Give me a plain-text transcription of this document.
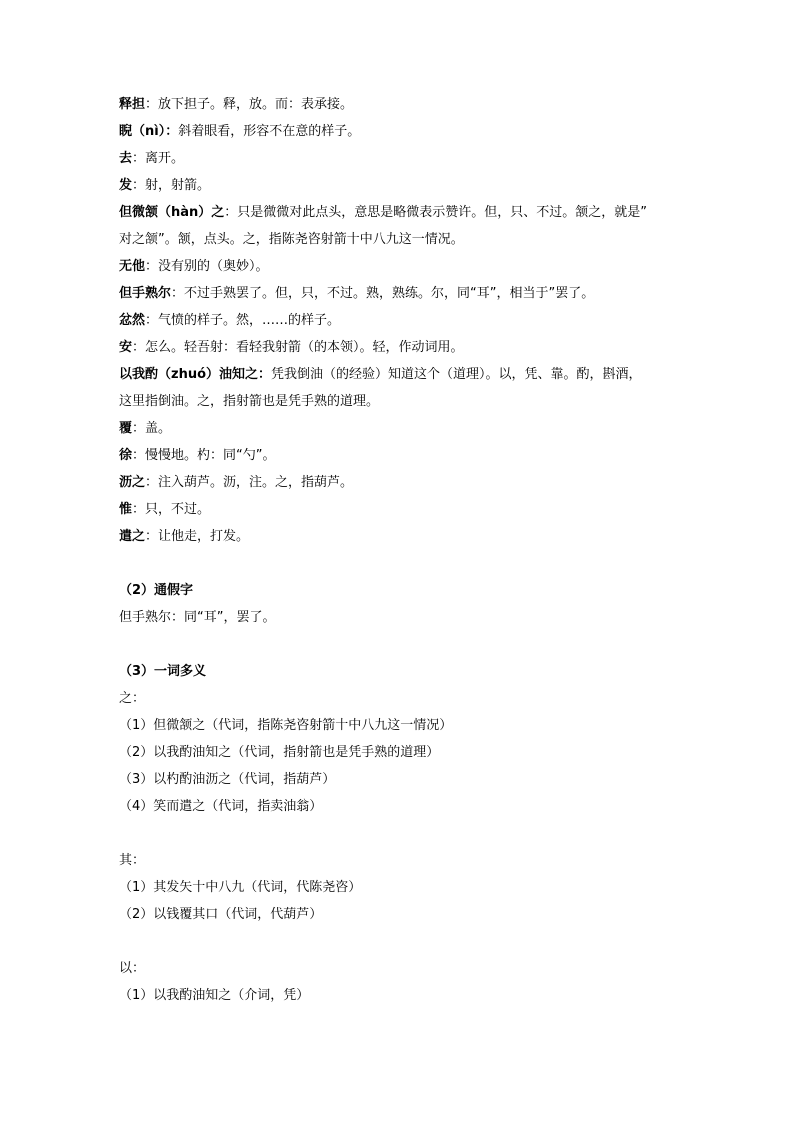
释担：放下担子。释，放。而：表承接。
睨（nì）：斜着眼看，形容不在意的样子。
去：离开。
发：射，射箭。
但微颔（hàn）之：只是微微对此点头，意思是略微表示赞许。但，只、不过。颔之，就是”
对之颔”。颔，点头。之，指陈尧咨射箭十中八九这一情况。
无他：没有别的（奥妙）。
但手熟尔：不过手熟罢了。但，只，不过。熟，熟练。尔，同“耳”，相当于”罢了。
忿然：气愤的样子。然，……的样子。
安：怎么。轻吾射：看轻我射箭（的本领）。轻，作动词用。
以我酌（zhuó）油知之：凭我倒油（的经验）知道这个（道理）。以，凭、靠。酌，斟酒，
这里指倒油。之，指射箭也是凭手熟的道理。
覆：盖。
徐：慢慢地。杓：同“勺”。
沥之：注入葫芦。沥，注。之，指葫芦。
惟：只，不过。
遣之：让他走，打发。
（2）通假字
但手熟尔：同“耳”，罢了。
（3）一词多义
之：
（1）但微颔之（代词，指陈尧咨射箭十中八九这一情况）
（2）以我酌油知之（代词，指射箭也是凭手熟的道理）
（3）以杓酌油沥之（代词，指葫芦）
（4）笑而遣之（代词，指卖油翁）
其：
（1）其发矢十中八九（代词，代陈尧咨）
（2）以钱覆其口（代词，代葫芦）
以：
（1）以我酌油知之（介词，凭）
